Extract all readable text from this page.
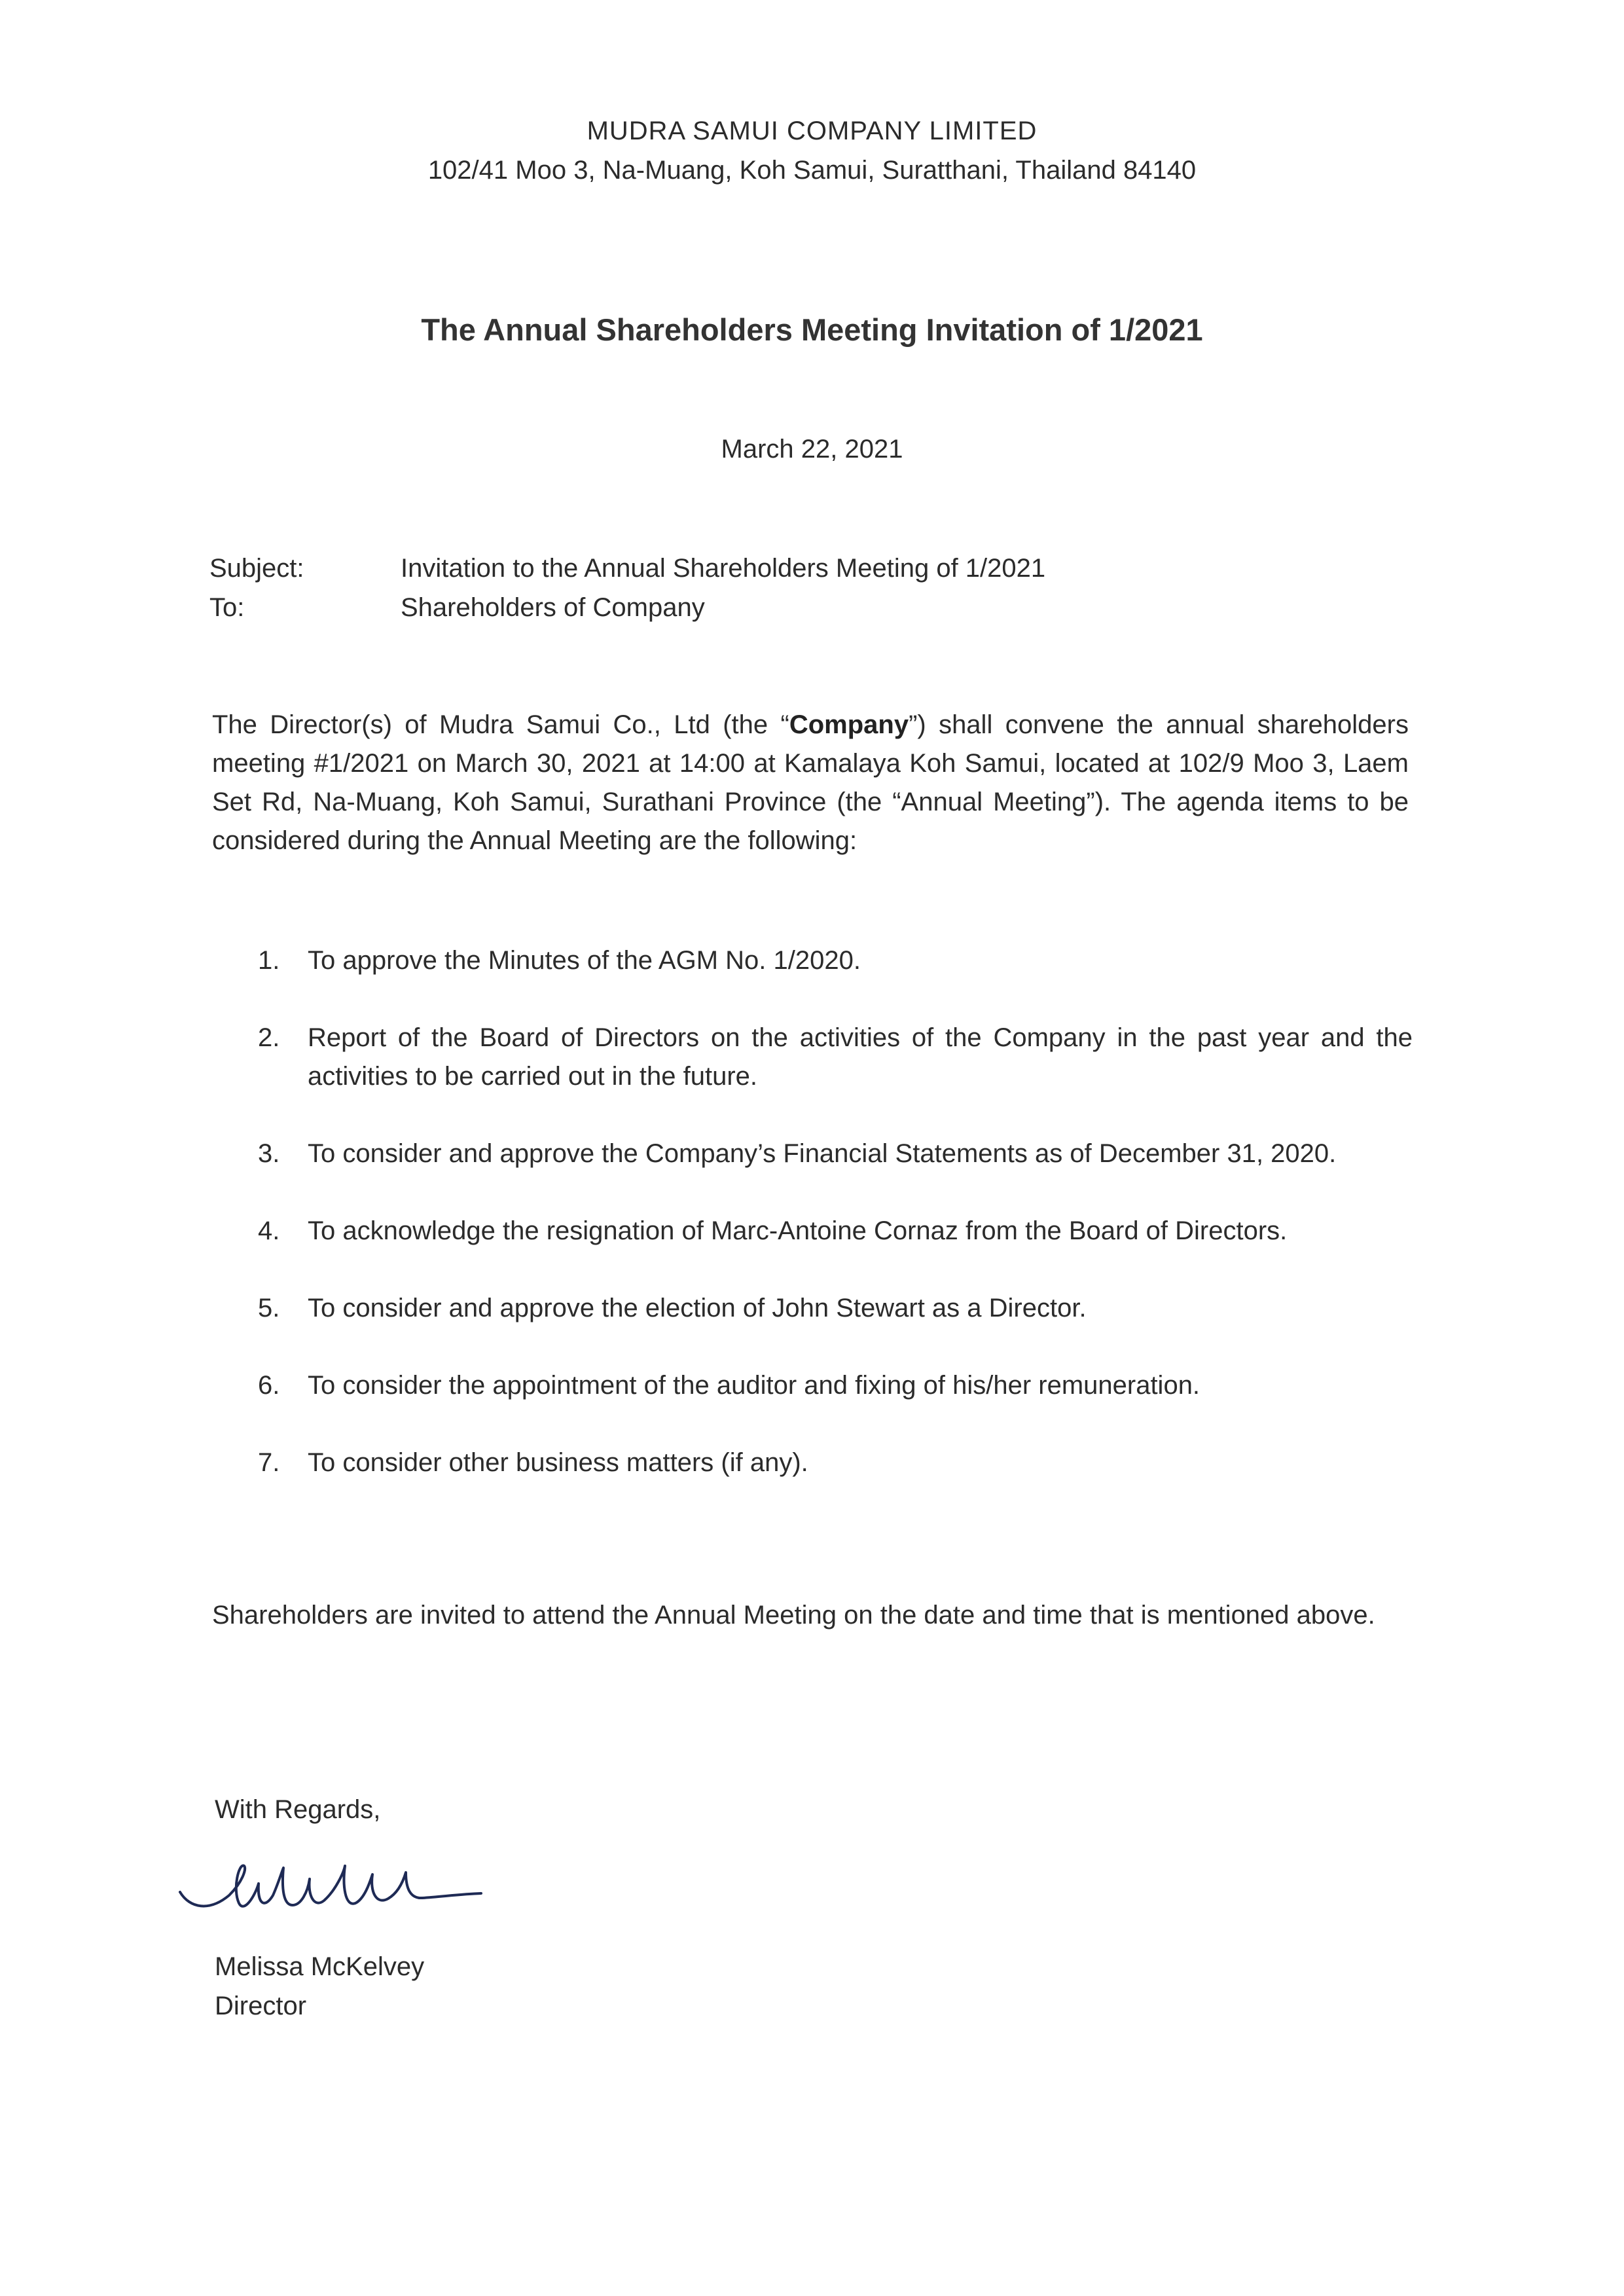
MUDRA SAMUI COMPANY LIMITED
102/41 Moo 3, Na-Muang, Koh Samui, Suratthani, Thailand 84140
The Annual Shareholders Meeting Invitation of 1/2021
March 22, 2021
Subject:	Invitation to the Annual Shareholders Meeting of 1/2021
To:	Shareholders of Company
The Director(s) of Mudra Samui Co., Ltd (the “Company”) shall convene the annual shareholders meeting #1/2021 on March 30, 2021 at 14:00 at Kamalaya Koh Samui, located at 102/9 Moo 3, Laem Set Rd, Na-Muang, Koh Samui, Surathani Province (the “Annual Meeting”). The agenda items to be considered during the Annual Meeting are the following:
1.	To approve the Minutes of the AGM No. 1/2020.
2.	Report of the Board of Directors on the activities of the Company in the past year and the activities to be carried out in the future.
3.	To consider and approve the Company’s Financial Statements as of December 31, 2020.
4.	To acknowledge the resignation of Marc-Antoine Cornaz from the Board of Directors.
5.	To consider and approve the election of John Stewart as a Director.
6.	To consider the appointment of the auditor and fixing of his/her remuneration.
7.	To consider other business matters (if any).
Shareholders are invited to attend the Annual Meeting on the date and time that is mentioned above.
With Regards,
Melissa McKelvey
Director
